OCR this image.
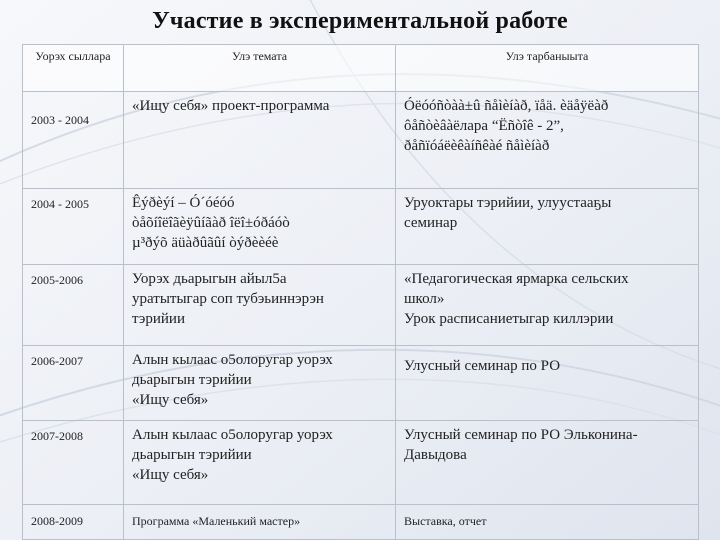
Участие в экспериментальной работе
Уорэх сыллара	Улэ темата	Улэ тарбаныыта
2003 - 2004	«Ищу себя» проект-программа	Óëóóñòàà±û ñåìèíàð, ïåä. èäåÿëàð
ôåñòèâàëлара “Ëñòîê - 2”,
ðåñïóáëèêàíñêàé ñåìèíàð

2004 - 2005	Êýðèýí – Ó´óéóó
òåõíîëîãèÿûíãàð îëî±óðáóò
µ³ðýõ äüàðûãûí òýðèèéè	Уруоктары тэрийии, улуустааҕы
семинар

2005-2006	Уорэх дьарыгын айыл5а
уратытыгар соп тубэьиннэрэн
тэрийии	«Педагогическая ярмарка сельских
школ»
Урок расписаниетыгар киллэрии

2006-2007	Алын кылаас о5олоругар уорэх
дьарыгын тэрийии
«Ищу себя»	Улусный семинар по РО

2007-2008	Алын кылаас о5олоругар уорэх
дьарыгын тэрийии
«Ищу себя»	Улусный семинар по РО Эльконина-
Давыдова

2008-2009	Программа «Маленький мастер»	Выставка, отчет
